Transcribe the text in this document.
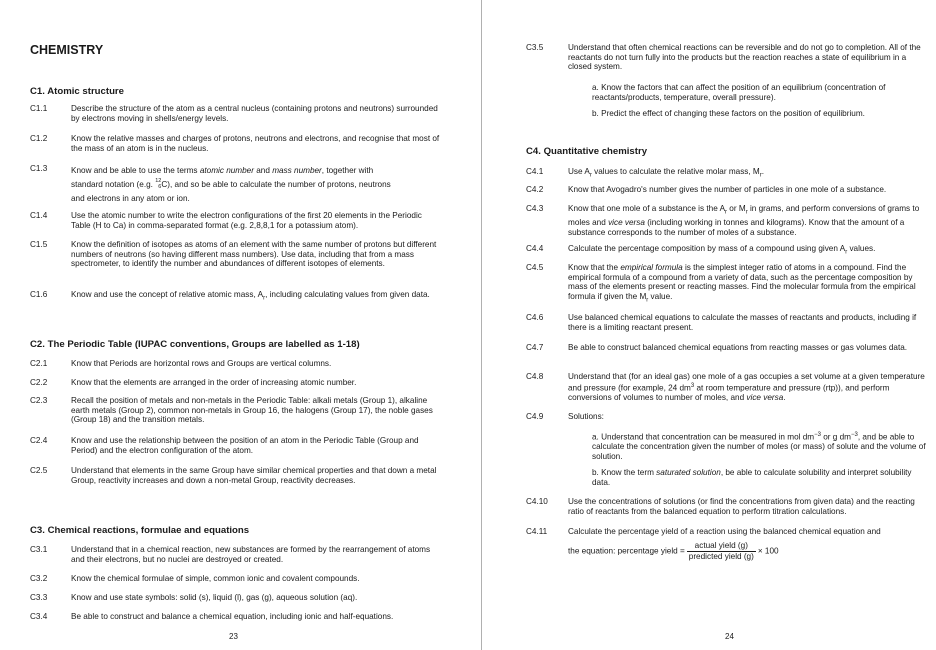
CHEMISTRY
C1. Atomic structure
C1.1	Describe the structure of the atom as a central nucleus (containing protons and neutrons) surrounded by electrons moving in shells/energy levels.
C1.2	Know the relative masses and charges of protons, neutrons and electrons, and recognise that most of the mass of an atom is in the nucleus.
C1.3	Know and be able to use the terms atomic number and mass number, together with
standard notation (e.g. 12
6 C), and so be able to calculate the number of protons, neutrons
and electrons in any atom or ion.
C1.4	Use the atomic number to write the electron configurations of the first 20 elements in the Periodic Table (H to Ca) in comma-separated format (e.g. 2,8,8,1 for a potassium atom).
C1.5	Know the definition of isotopes as atoms of an element with the same number of protons but different numbers of neutrons (so having different mass numbers). Use data, including that from a mass spectrometer, to identify the number and abundances of different isotopes of elements.
C1.6	Know and use the concept of relative atomic mass, $A_r$, including calculating values from given data.
C2. The Periodic Table (IUPAC conventions, Groups are labelled as 1-18)
C2.1	Know that Periods are horizontal rows and Groups are vertical columns.
C2.2	Know that the elements are arranged in the order of increasing atomic number.
C2.3	Recall the position of metals and non-metals in the Periodic Table: alkali metals (Group 1), alkaline earth metals (Group 2), common non-metals in Group 16, the halogens (Group 17), the noble gases (Group 18) and the transition metals.
C2.4	Know and use the relationship between the position of an atom in the Periodic Table (Group and Period) and the electron configuration of the atom.
C2.5	Understand that elements in the same Group have similar chemical properties and that down a metal Group, reactivity increases and down a non-metal Group, reactivity decreases.
C3. Chemical reactions, formulae and equations
C3.1	Understand that in a chemical reaction, new substances are formed by the rearrangement of atoms and their electrons, but no nuclei are destroyed or created.
C3.2	Know the chemical formulae of simple, common ionic and covalent compounds.
C3.3	Know and use state symbols: solid (s), liquid (l), gas (g), aqueous solution (aq).
C3.4	Be able to construct and balance a chemical equation, including ionic and half-equations.
23
C3.5	Understand that often chemical reactions can be reversible and do not go to completion. All of the reactants do not turn fully into the products but the reaction reaches a state of equilibrium in a closed system.
a. Know the factors that can affect the position of an equilibrium (concentration of reactants/products, temperature, overall pressure).
b. Predict the effect of changing these factors on the position of equilibrium.
C4. Quantitative chemistry
C4.1	Use $A_r$ values to calculate the relative molar mass, $M_r$.
C4.2	Know that Avogadro's number gives the number of particles in one mole of a substance.
C4.3	Know that one mole of a substance is the $A_r$ or $M_r$ in grams, and perform conversions of grams to moles and vice versa (including working in tonnes and kilograms). Know that the amount of a substance corresponds to the number of moles of a substance.
C4.4	Calculate the percentage composition by mass of a compound using given $A_r$ values.
C4.5	Know that the empirical formula is the simplest integer ratio of atoms in a compound. Find the empirical formula of a compound from a variety of data, such as the percentage composition by mass of the elements present or reacting masses. Find the molecular formula from the empirical formula if given the $M_r$ value.
C4.6	Use balanced chemical equations to calculate the masses of reactants and products, including if there is a limiting reactant present.
C4.7	Be able to construct balanced chemical equations from reacting masses or gas volumes data.
C4.8	Understand that (for an ideal gas) one mole of a gas occupies a set volume at a given temperature and pressure (for example, 24 $dm^3$ at room temperature and pressure (rtp)), and perform conversions of volumes to number of moles, and vice versa.
C4.9	Solutions:
a. Understand that concentration can be measured in mol $dm^{-3}$ or g $dm^{-3}$, and be able to calculate the concentration given the number of moles (or mass) of solute and the volume of solution.
b. Know the term saturated solution, be able to calculate solubility and interpret solubility data.
C4.10 Use the concentrations of solutions (or find the concentrations from given data) and the reacting ratio of reactants from the balanced equation to perform titration calculations.
C4.11	Calculate the percentage yield of a reaction using the balanced chemical equation and
the equation: percentage yield = $\frac{\text{actual yield (g)}}{\text{predicted yield (g)}} \times 100$
24
